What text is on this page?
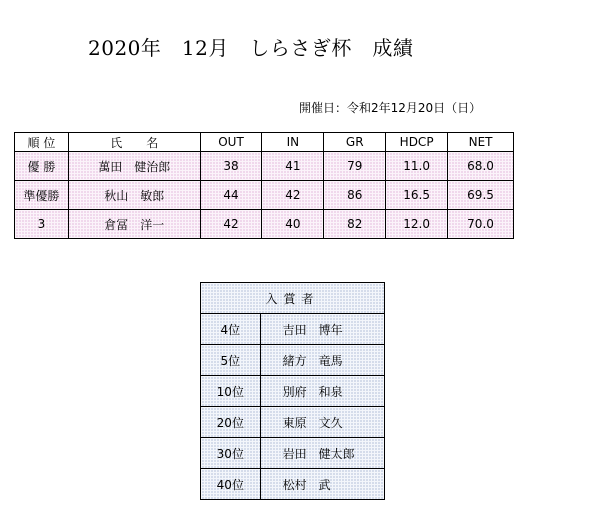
2020年　12月　しらさぎ杯　成績
開催日：令和2年12月20日（日）
順 位	氏　　名	OUT	IN	GR	HDCP	NET
優 勝	萬田　健治郎	38	41	79	11.0	68.0
準優勝	秋山　敏郎	44	42	86	16.5	69.5
3	倉冨　洋一	42	40	82	12.0	70.0
入賞者	
4位	吉田　博年
5位	緒方　竜馬
10位	別府　和泉
20位	東原　文久
30位	岩田　健太郎
40位	松村　武
